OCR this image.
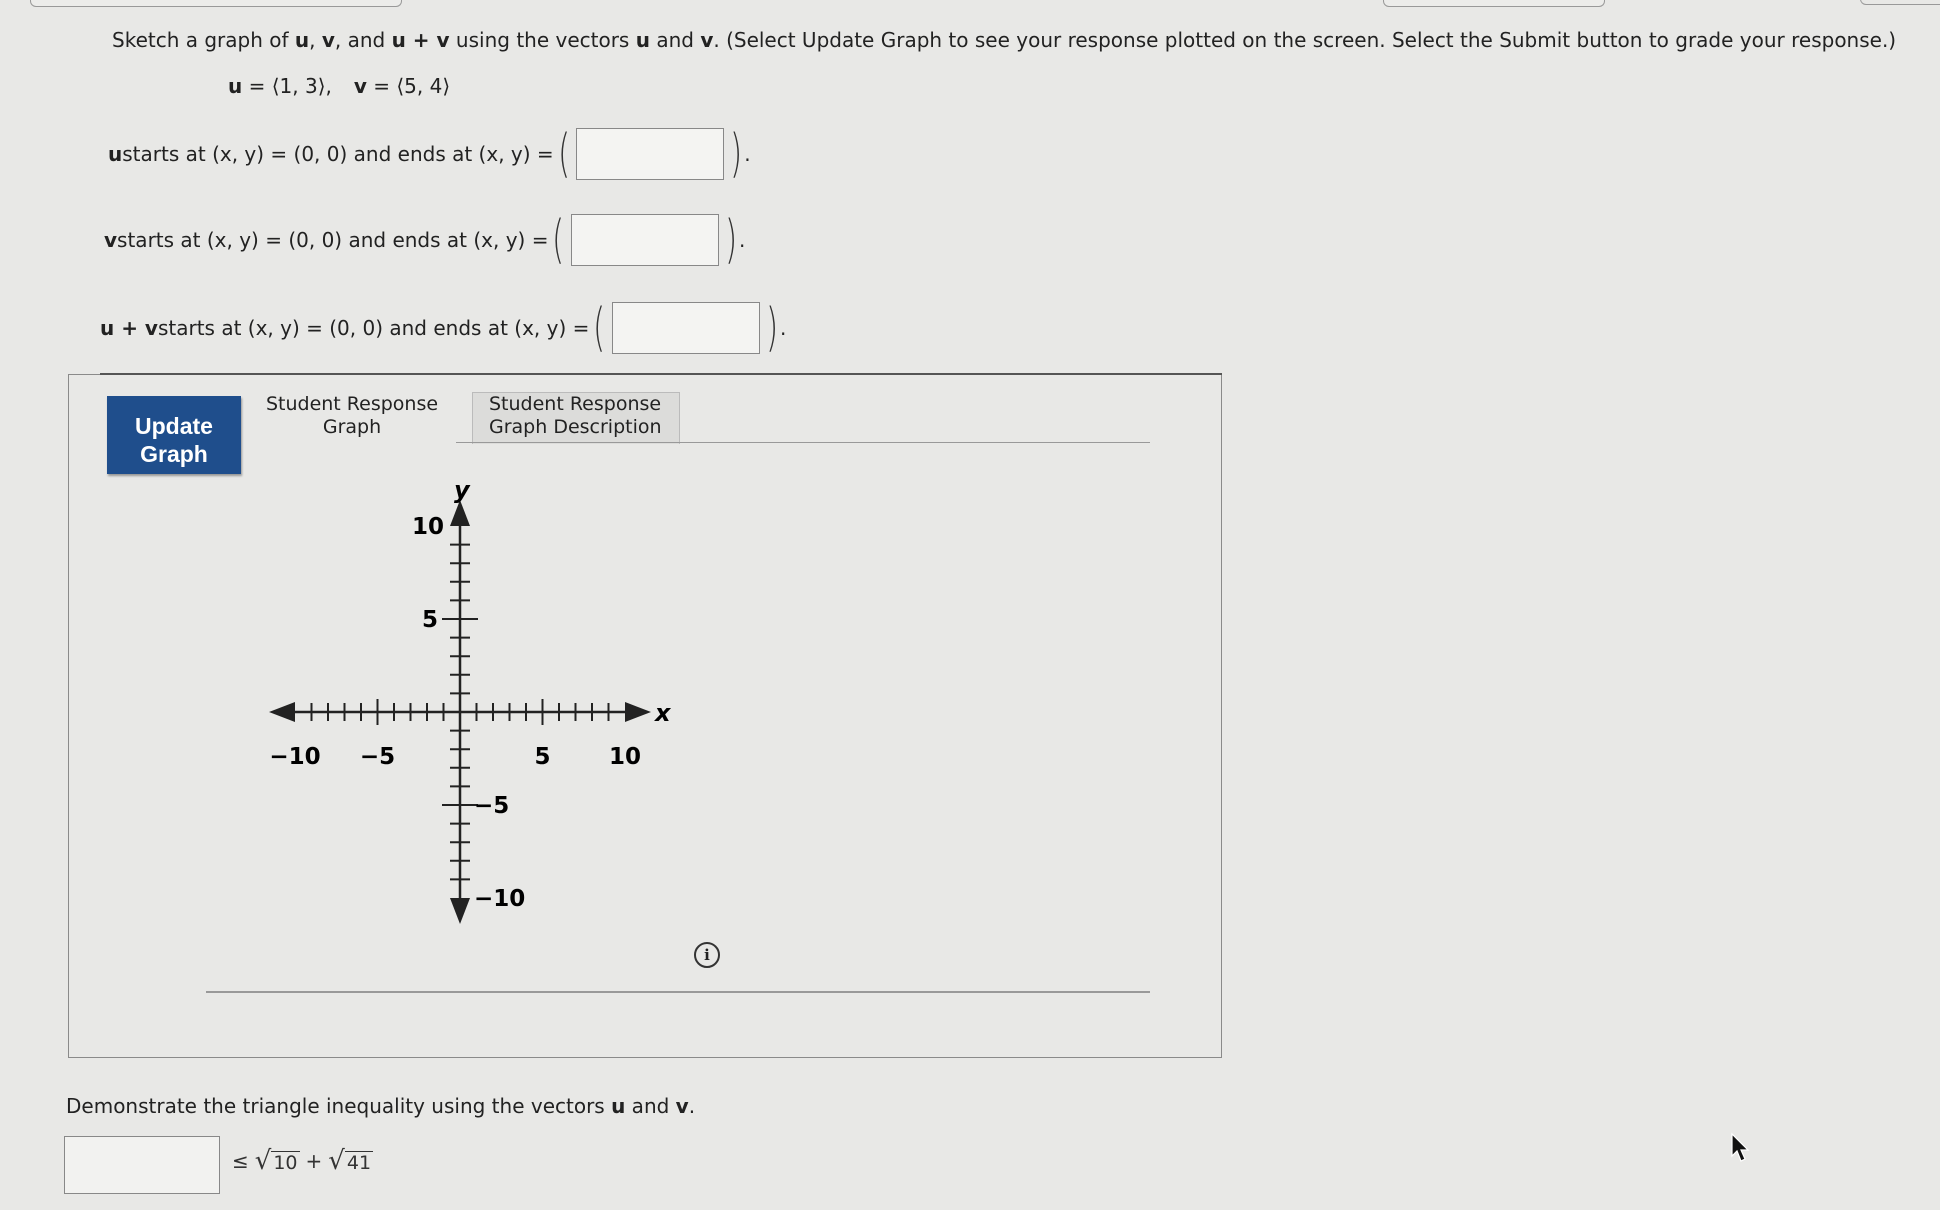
Sketch a graph of u, v, and u + v using the vectors u and v. (Select Update Graph to see your response plotted on the screen. Select the Submit button to grade your response.)
u = ⟨1, 3⟩, v = ⟨5, 4⟩
u starts at (x, y) = (0, 0) and ends at (x, y) = (	) .
v starts at (x, y) = (0, 0) and ends at (x, y) = (	) .
u + v starts at (x, y) = (0, 0) and ends at (x, y) = (	) .
Update
Graph
Student Response
Graph
Student Response
Graph Description
x
y
−10 −5	5	10
10
5
−5
−10
i
Demonstrate the triangle inequality using the vectors u and v.
≤ √ 10 + √ 41
